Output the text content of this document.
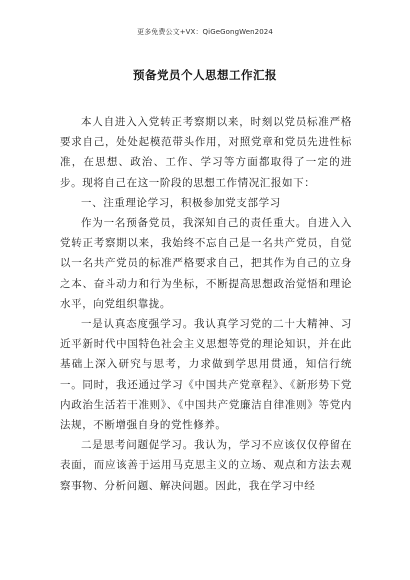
更多免费公文+VX：QiGeGongWen2024
预备党员个人思想工作汇报

本人自进入入党转正考察期以来，时刻以党员标准严格要求自己，处处起模范带头作用，对照党章和党员先进性标准，在思想、政治、工作、学习等方面都取得了一定的进步。现将自己在这一阶段的思想工作情况汇报如下：

一、注重理论学习，积极参加党支部学习

作为一名预备党员，我深知自己的责任重大。自进入入党转正考察期以来，我始终不忘自己是一名共产党员，自觉以一名共产党员的标准严格要求自己，把其作为自己的立身之本、奋斗动力和行为坐标，不断提高思想政治觉悟和理论水平，向党组织靠拢。

一是认真态度强学习。我认真学习党的二十大精神、习近平新时代中国特色社会主义思想等党的理论知识，并在此基础上深入研究与思考，力求做到学思用贯通，知信行统一。同时，我还通过学习《中国共产党章程》、《新形势下党内政治生活若干准则》、《中国共产党廉洁自律准则》等党内法规，不断增强自身的党性修养。

二是思考问题促学习。我认为，学习不应该仅仅停留在表面，而应该善于运用马克思主义的立场、观点和方法去观察事物、分析问题、解决问题。因此，我在学习中经
